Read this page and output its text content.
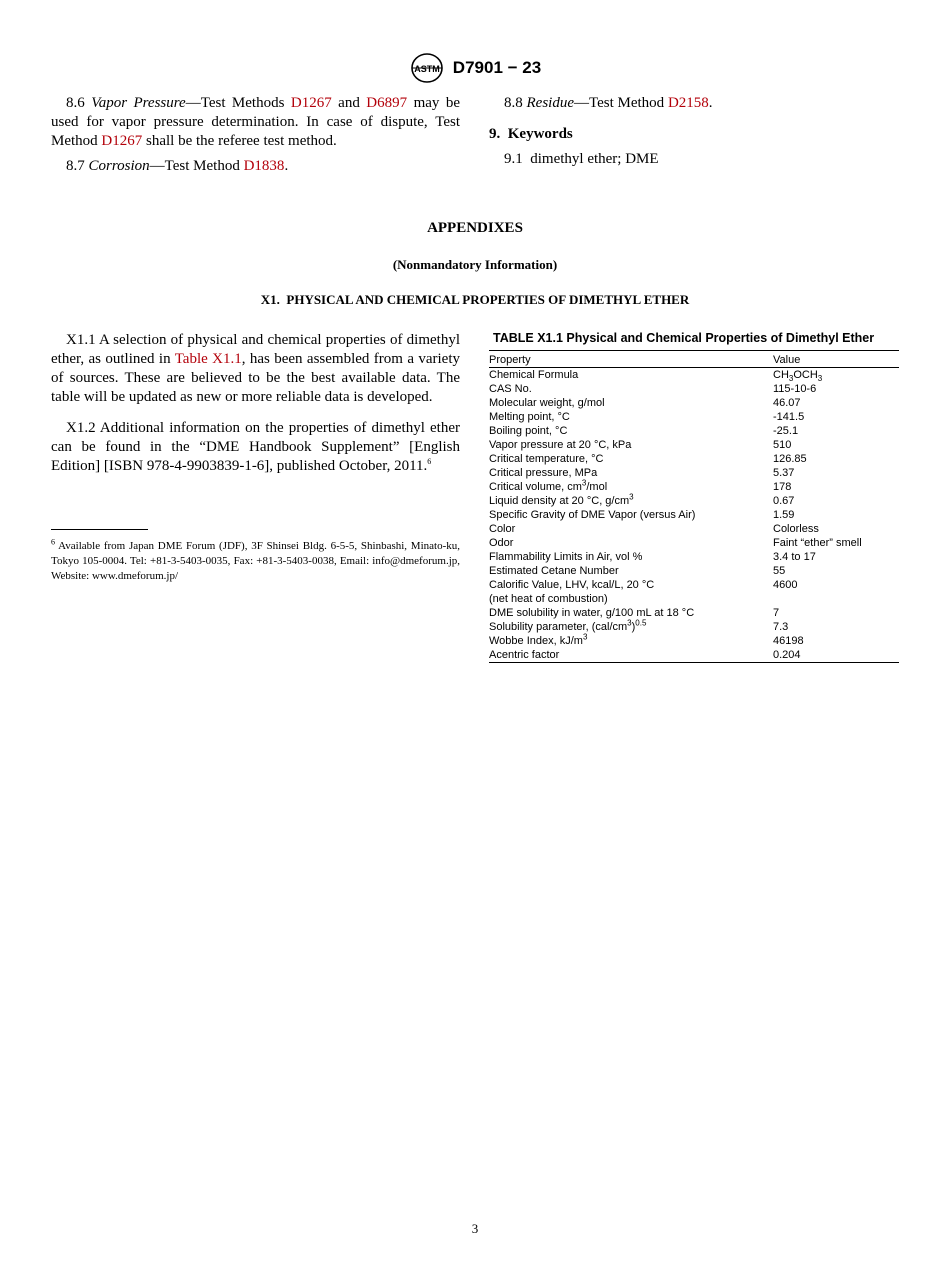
ASTM D7901 − 23

8.6 Vapor Pressure—Test Methods D1267 and D6897 may be used for vapor pressure determination. In case of dispute, Test Method D1267 shall be the referee test method.

8.7 Corrosion—Test Method D1838.

8.8 Residue—Test Method D2158.

9.  Keywords

9.1  dimethyl ether; DME

APPENDIXES
(Nonmandatory Information)
X1.  PHYSICAL AND CHEMICAL PROPERTIES OF DIMETHYL ETHER

X1.1 A selection of physical and chemical properties of dimethyl ether, as outlined in Table X1.1, has been assembled from a variety of sources. These are believed to be the best available data. The table will be updated as new or more reliable data is developed.

X1.2 Additional information on the properties of dimethyl ether can be found in the “DME Handbook Supplement” [English Edition] [ISBN 978-4-9903839-1-6], published October, 2011.$^6$

$^6$ Available from Japan DME Forum (JDF), 3F Shinsei Bldg. 6-5-5, Shinbashi, Minato-ku, Tokyo 105-0004. Tel: +81-3-5403-0035, Fax: +81-3-5403-0038, Email: info@dmeforum.jp, Website: www.dmeforum.jp/
TABLE X1.1 Physical and Chemical Properties of Dimethyl Ether
Property	Value
Chemical Formula	$CH_3OCH_3$
CAS No.	115-10-6
Molecular weight, g/mol	46.07
Melting point, °C	-141.5
Boiling point, °C	-25.1
Vapor pressure at 20 °C, kPa	510
Critical temperature, °C	126.85
Critical pressure, MPa	5.37
Critical volume, $cm^3$/mol	178
Liquid density at 20 °C, $g/cm^3$	0.67
Specific Gravity of DME Vapor (versus Air)	1.59
Color	Colorless
Odor	Faint “ether” smell
Flammability Limits in Air, vol %	3.4 to 17
Estimated Cetane Number	55

Calorific Value, LHV, kcal/L, 20 °C
(net heat of combustion)	4600
DME solubility in water, g/100 mL at 18 °C	7
Solubility parameter, $(cal/cm^3)^{0.5}$	7.3
Wobbe Index, $kJ/m^3$	46198
Acentric factor	0.204
3
